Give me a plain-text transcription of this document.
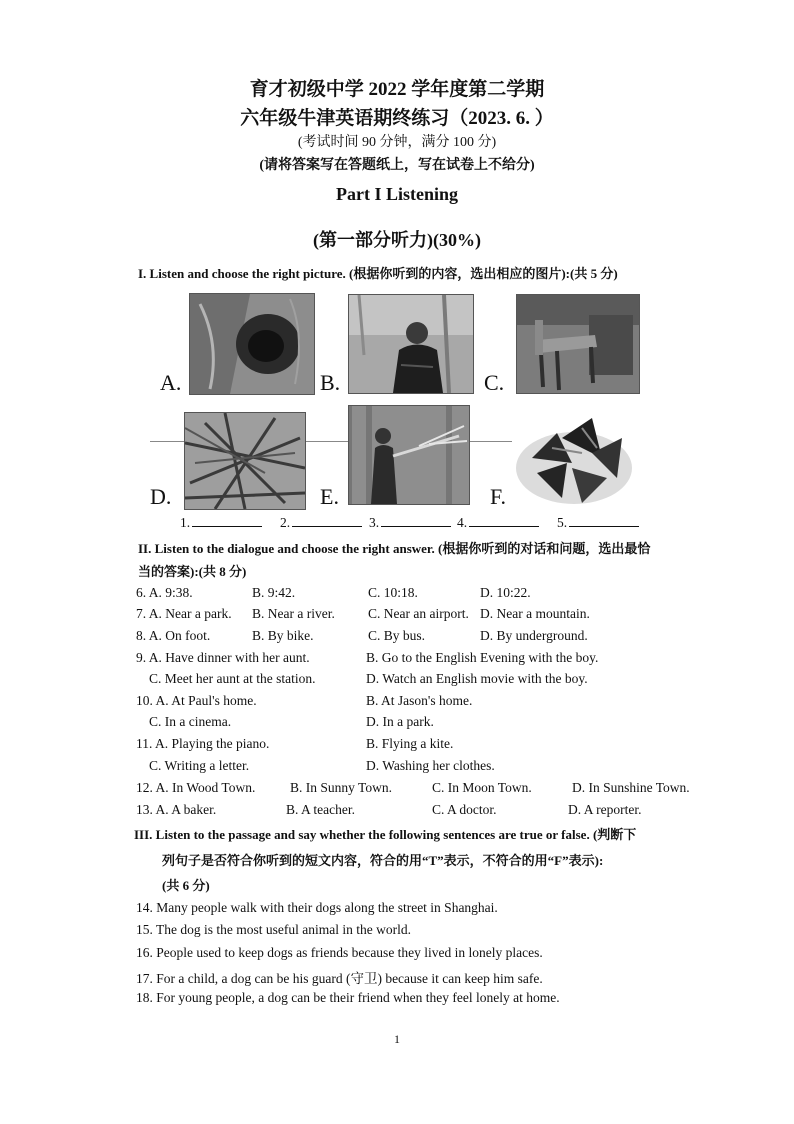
育才初级中学 2022 学年度第二学期
六年级牛津英语期终练习（2023. 6. ）
(考试时间 90 分钟，满分 100 分)
(请将答案写在答题纸上，写在试卷上不给分)
Part I Listening
(第一部分听力)(30%)
I. Listen and choose the right picture. (根据你听到的内容，选出相应的图片):(共 5 分)
A.	B.	C.
D.	E.	F.
1.	2.	3.	4.	5.
II. Listen to the dialogue and choose the right answer. (根据你听到的对话和问题，选出最恰
当的答案):(共 8 分)
6. A. 9:38.	B. 9:42.	C. 10:18.	D. 10:22.
7. A. Near a park. B. Near a river. C. Near an airport. D. Near a mountain.
8. A. On foot.	B. By bike.	C. By bus.	D. By underground.
9. A. Have dinner with her aunt.	B. Go to the English Evening with the boy.
C. Meet her aunt at the station.	D. Watch an English movie with the boy.
10. A. At Paul's home.	B. At Jason's home.
C. In a cinema.	D. In a park.
11. A. Playing the piano.	B. Flying a kite.
C. Writing a letter.	D. Washing her clothes.
12. A. In Wood Town.	B. In Sunny Town.	C. In Moon Town.	D. In Sunshine Town.
13. A. A baker.	B. A teacher.	C. A doctor.	D. A reporter.
III. Listen to the passage and say whether the following sentences are true or false. (判断下
列句子是否符合你听到的短文内容，符合的用“T”表示，不符合的用“F”表示):
(共 6 分)
14. Many people walk with their dogs along the street in Shanghai.
15. The dog is the most useful animal in the world.
16. People used to keep dogs as friends because they lived in lonely places.
17. For a child, a dog can be his guard (守卫) because it can keep him safe.
18. For young people, a dog can be their friend when they feel lonely at home.
1
